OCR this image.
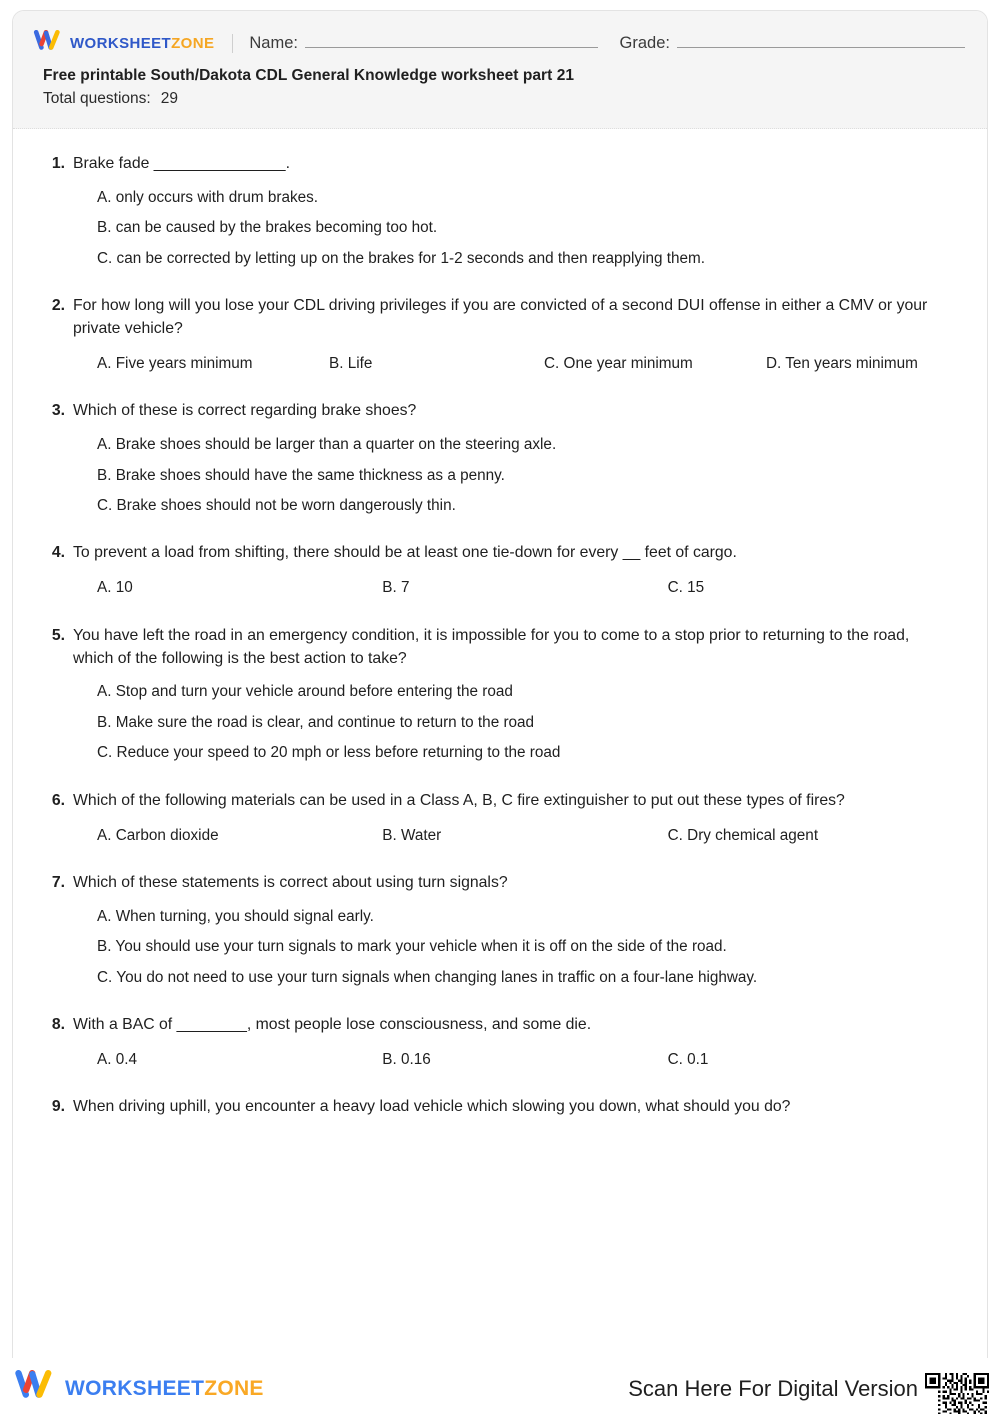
WORKSHEETZONE Name:	Grade:
Free printable South/Dakota CDL General Knowledge worksheet part 21
Total questions: 29
1. Brake fade _______________.
A. only occurs with drum brakes.
B. can be caused by the brakes becoming too hot.
C. can be corrected by letting up on the brakes for 1-2 seconds and then reapplying them.
2. For how long will you lose your CDL driving privileges if you are convicted of a second DUI offense in either a CMV or your private vehicle?
A. Five years minimum	B. Life	C. One year minimum	D. Ten years minimum
3. Which of these is correct regarding brake shoes?
A. Brake shoes should be larger than a quarter on the steering axle.
B. Brake shoes should have the same thickness as a penny.
C. Brake shoes should not be worn dangerously thin.
4. To prevent a load from shifting, there should be at least one tie-down for every __ feet of cargo.
A. 10	B. 7	C. 15
5. You have left the road in an emergency condition, it is impossible for you to come to a stop prior to returning to the road, which of the following is the best action to take?
A. Stop and turn your vehicle around before entering the road
B. Make sure the road is clear, and continue to return to the road
C. Reduce your speed to 20 mph or less before returning to the road
6. Which of the following materials can be used in a Class A, B, C fire extinguisher to put out these types of fires?
A. Carbon dioxide	B. Water	C. Dry chemical agent
7. Which of these statements is correct about using turn signals?
A. When turning, you should signal early.
B. You should use your turn signals to mark your vehicle when it is off on the side of the road.
C. You do not need to use your turn signals when changing lanes in traffic on a four-lane highway.
8. With a BAC of ________, most people lose consciousness, and some die.
A. 0.4	B. 0.16	C. 0.1
9. When driving uphill, you encounter a heavy load vehicle which slowing you down, what should you do?
WORKSHEETZONE	Scan Here For Digital Version
